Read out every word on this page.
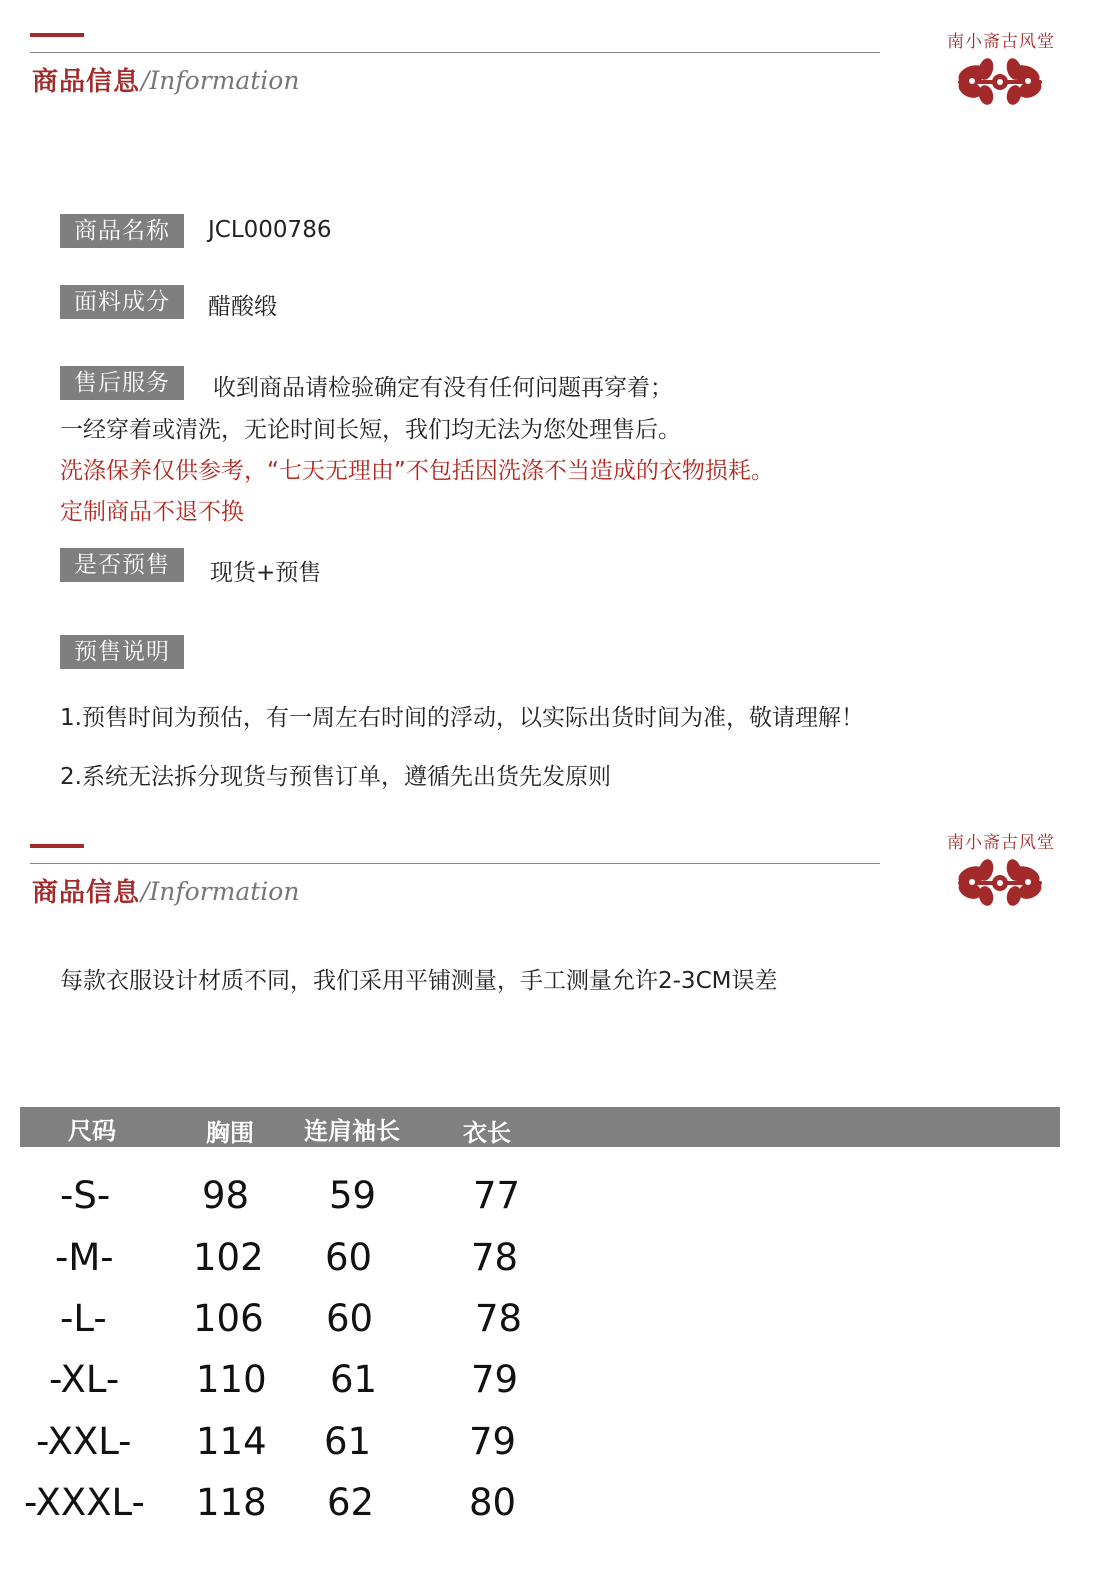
商品信息 /Information
南小斋古风堂
商品名称	JCL000786
面料成分	醋酸缎
售后服务	收到商品请检验确定有没有任何问题再穿着；
一经穿着或清洗，无论时间长短，我们均无法为您处理售后。
洗涤保养仅供参考，“七天无理由”不包括因洗涤不当造成的衣物损耗。
定制商品不退不换
是否预售	现货+预售
预售说明
1.预售时间为预估，有一周左右时间的浮动，以实际出货时间为准，敬请理解！
2.系统无法拆分现货与预售订单，遵循先出货先发原则
商品信息 /Information
南小斋古风堂
每款衣服设计材质不同，我们采用平铺测量，手工测量允许2-3CM误差
尺码	胸围 连肩袖长	衣长
-S- 98 59	77
-M- 102 60	78
-L- 106 60	78
-XL- 110 61	79
-XXL- 114 61	79
-XXXL- 118 62	80
